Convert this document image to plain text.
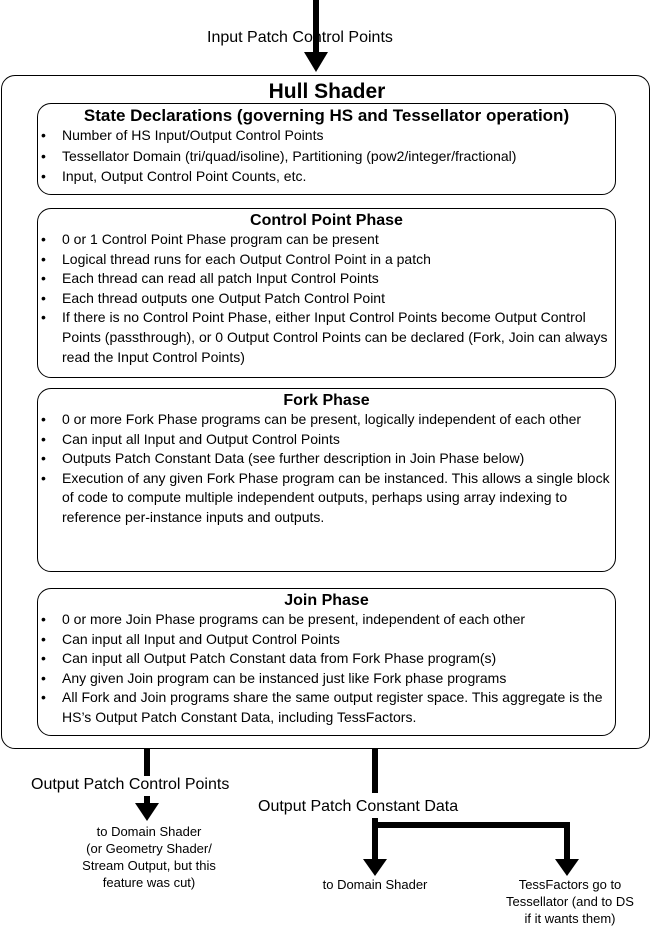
Input Patch Control Points
Hull Shader
State Declarations (governing HS and Tessellator operation)
• Number of HS Input/Output Control Points
• Tessellator Domain (tri/quad/isoline), Partitioning (pow2/integer/fractional)
• Input, Output Control Point Counts, etc.
Control Point Phase
• 0 or 1 Control Point Phase program can be present
• Logical thread runs for each Output Control Point in a patch
• Each thread can read all patch Input Control Points
• Each thread outputs one Output Patch Control Point
• If there is no Control Point Phase, either Input Control Points become Output Control Points (passthrough), or 0 Output Control Points can be declared (Fork, Join can always read the Input Control Points)
Fork Phase
• 0 or more Fork Phase programs can be present, logically independent of each other
• Can input all Input and Output Control Points
• Outputs Patch Constant Data (see further description in Join Phase below)
• Execution of any given Fork Phase program can be instanced. This allows a single block of code to compute multiple independent outputs, perhaps using array indexing to reference per-instance inputs and outputs.
Join Phase
• 0 or more Join Phase programs can be present, independent of each other
• Can input all Input and Output Control Points
• Can input all Output Patch Constant data from Fork Phase program(s)
• Any given Join program can be instanced just like Fork phase programs
• All Fork and Join programs share the same output register space. This aggregate is the HS’s Output Patch Constant Data, including TessFactors.
Output Patch Control Points
to Domain Shader
(or Geometry Shader/
Stream Output, but this
feature was cut)
Output Patch Constant Data
to Domain Shader	TessFactors go to
Tessellator (and to DS
if it wants them)
